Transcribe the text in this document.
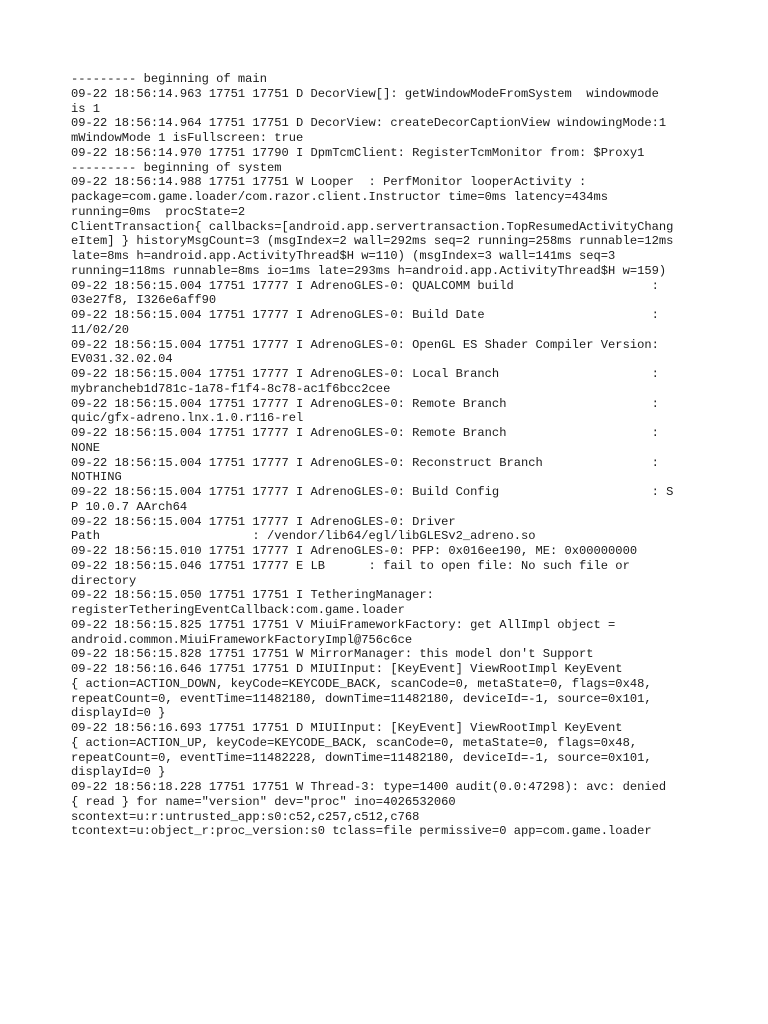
--------- beginning of main
09-22 18:56:14.963 17751 17751 D DecorView[]: getWindowModeFromSystem  windowmode
is 1
09-22 18:56:14.964 17751 17751 D DecorView: createDecorCaptionView windowingMode:1
mWindowMode 1 isFullscreen: true
09-22 18:56:14.970 17751 17790 I DpmTcmClient: RegisterTcmMonitor from: $Proxy1
--------- beginning of system
09-22 18:56:14.988 17751 17751 W Looper  : PerfMonitor looperActivity :
package=com.game.loader/com.razor.client.Instructor time=0ms latency=434ms
running=0ms  procState=2
ClientTransaction{ callbacks=[android.app.servertransaction.TopResumedActivityChang
eItem] } historyMsgCount=3 (msgIndex=2 wall=292ms seq=2 running=258ms runnable=12ms
late=8ms h=android.app.ActivityThread$H w=110) (msgIndex=3 wall=141ms seq=3
running=118ms runnable=8ms io=1ms late=293ms h=android.app.ActivityThread$H w=159)
09-22 18:56:15.004 17751 17777 I AdrenoGLES-0: QUALCOMM build                   :
03e27f8, I326e6aff90
09-22 18:56:15.004 17751 17777 I AdrenoGLES-0: Build Date                       :
11/02/20
09-22 18:56:15.004 17751 17777 I AdrenoGLES-0: OpenGL ES Shader Compiler Version:
EV031.32.02.04
09-22 18:56:15.004 17751 17777 I AdrenoGLES-0: Local Branch                     :
mybrancheb1d781c-1a78-f1f4-8c78-ac1f6bcc2cee
09-22 18:56:15.004 17751 17777 I AdrenoGLES-0: Remote Branch                    :
quic/gfx-adreno.lnx.1.0.r116-rel
09-22 18:56:15.004 17751 17777 I AdrenoGLES-0: Remote Branch                    :
NONE
09-22 18:56:15.004 17751 17777 I AdrenoGLES-0: Reconstruct Branch               :
NOTHING
09-22 18:56:15.004 17751 17777 I AdrenoGLES-0: Build Config                     : S
P 10.0.7 AArch64
09-22 18:56:15.004 17751 17777 I AdrenoGLES-0: Driver
Path                     : /vendor/lib64/egl/libGLESv2_adreno.so
09-22 18:56:15.010 17751 17777 I AdrenoGLES-0: PFP: 0x016ee190, ME: 0x00000000
09-22 18:56:15.046 17751 17777 E LB      : fail to open file: No such file or
directory
09-22 18:56:15.050 17751 17751 I TetheringManager:
registerTetheringEventCallback:com.game.loader
09-22 18:56:15.825 17751 17751 V MiuiFrameworkFactory: get AllImpl object =
android.common.MiuiFrameworkFactoryImpl@756c6ce
09-22 18:56:15.828 17751 17751 W MirrorManager: this model don't Support
09-22 18:56:16.646 17751 17751 D MIUIInput: [KeyEvent] ViewRootImpl KeyEvent
{ action=ACTION_DOWN, keyCode=KEYCODE_BACK, scanCode=0, metaState=0, flags=0x48,
repeatCount=0, eventTime=11482180, downTime=11482180, deviceId=-1, source=0x101,
displayId=0 }
09-22 18:56:16.693 17751 17751 D MIUIInput: [KeyEvent] ViewRootImpl KeyEvent
{ action=ACTION_UP, keyCode=KEYCODE_BACK, scanCode=0, metaState=0, flags=0x48,
repeatCount=0, eventTime=11482228, downTime=11482180, deviceId=-1, source=0x101,
displayId=0 }
09-22 18:56:18.228 17751 17751 W Thread-3: type=1400 audit(0.0:47298): avc: denied
{ read } for name="version" dev="proc" ino=4026532060
scontext=u:r:untrusted_app:s0:c52,c257,c512,c768
tcontext=u:object_r:proc_version:s0 tclass=file permissive=0 app=com.game.loader
